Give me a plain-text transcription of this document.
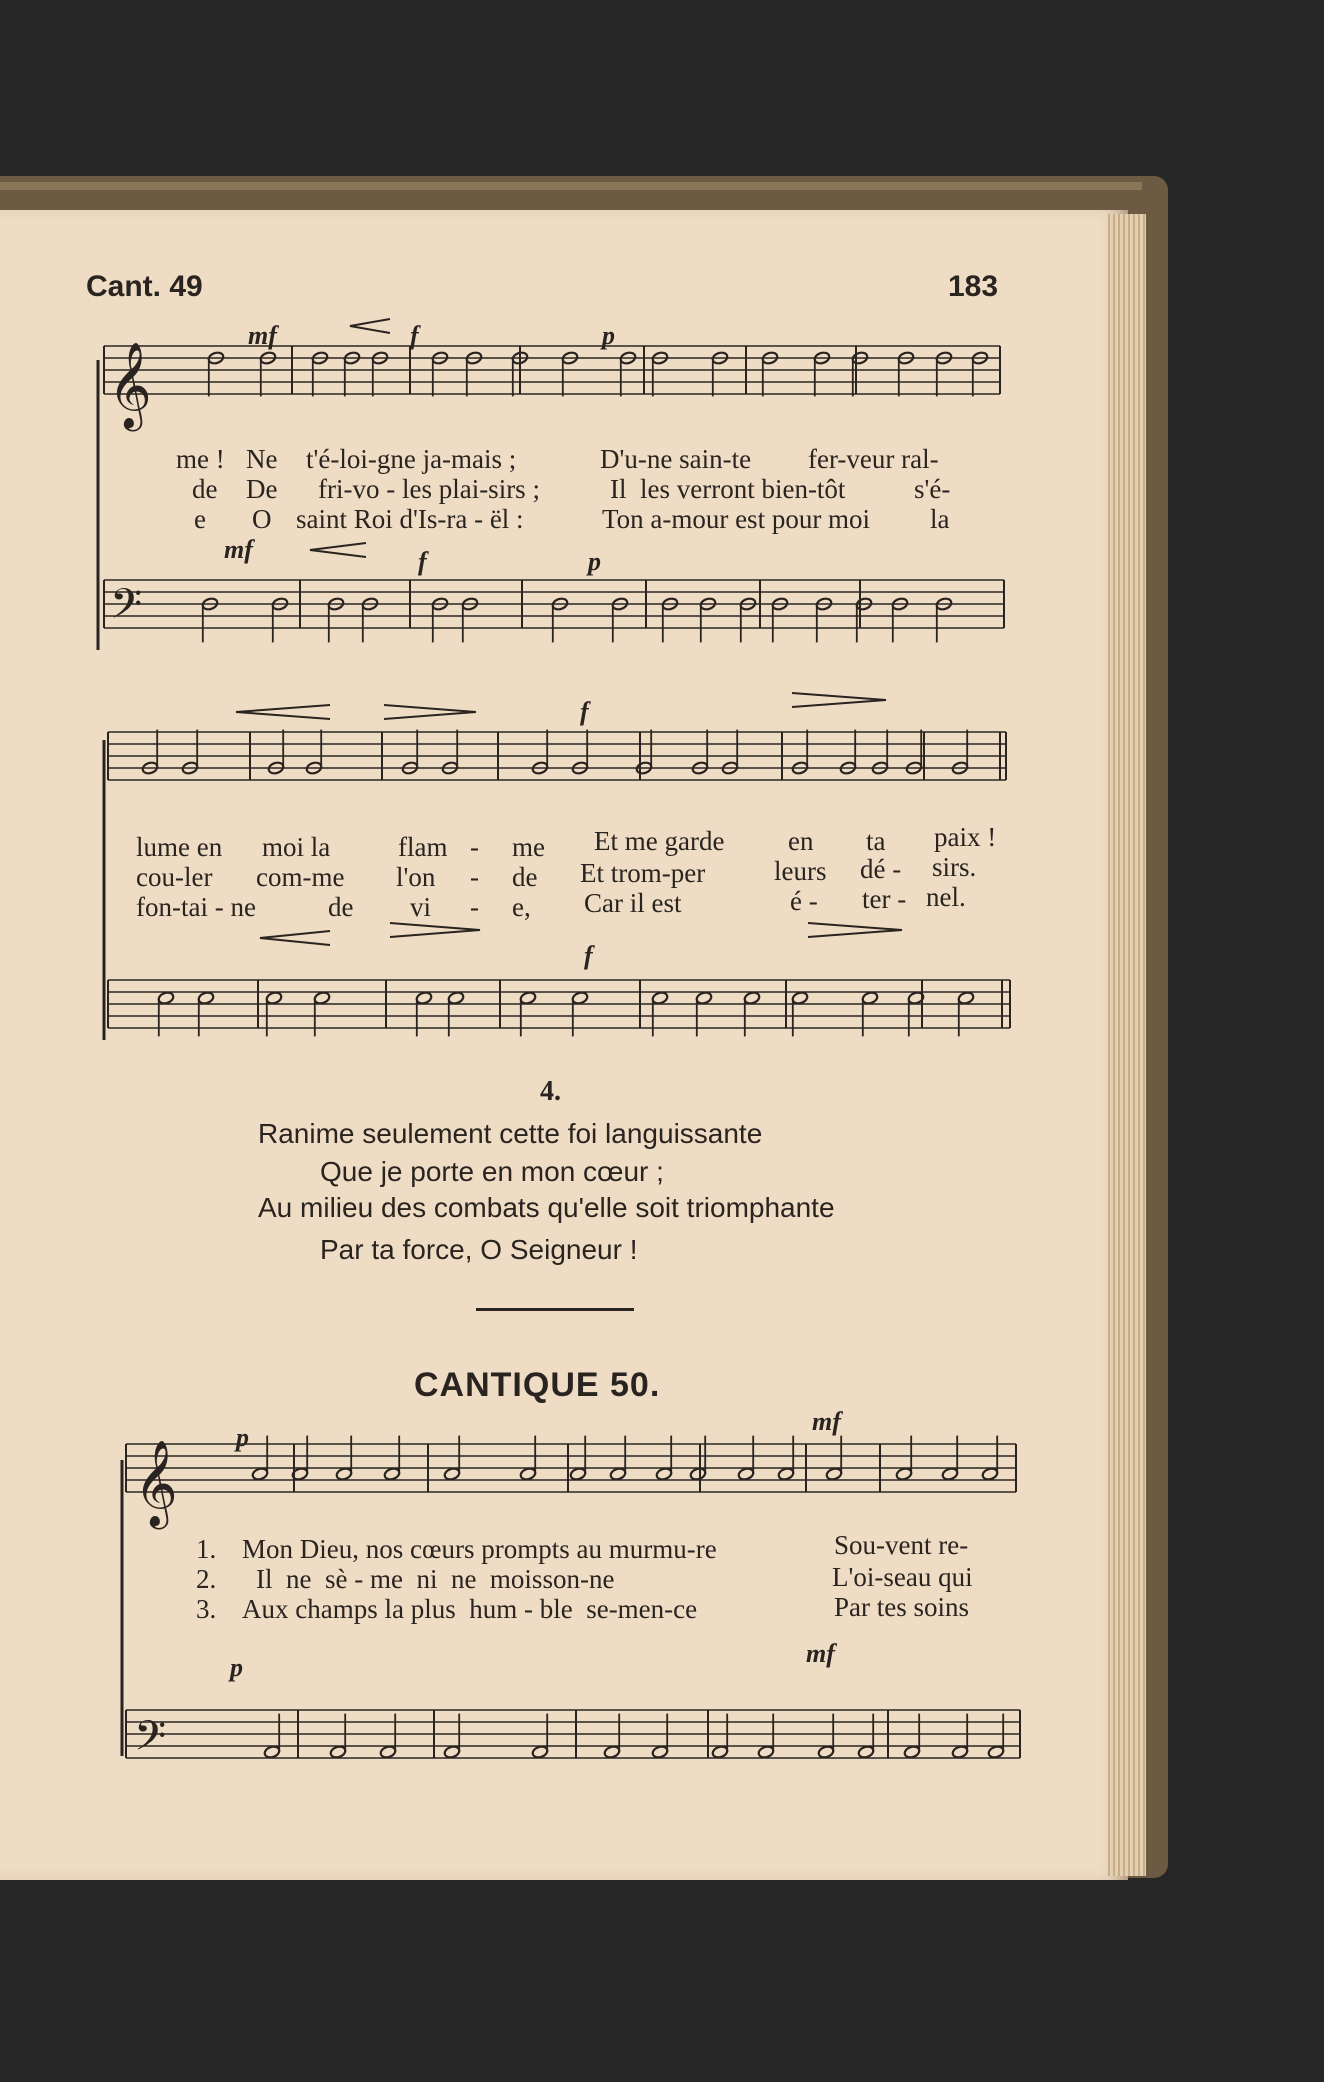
Cant. 49	183
𝄞
mf	f	p
𝄢
mf	f	p
f
f
𝄞
p
mf
𝄢
p	mf
me ! Ne t'é-loi-gne ja-mais ;	D'u-ne sain-te fer-veur ral-
de De fri-vo - les plai-sirs ;	Il  les verront bien-tôt	s'é-
e O saint Roi d'Is-ra - ël :	Ton a-mour est pour moi la
lume en moi la	flam - me Et me garde en ta paix !
cou-ler com-me l'on - de Et trom-per	leurs dé - sirs.
fon-tai - ne	de vi - e, Car il est	é - ter - nel.
4.
Ranime seulement cette foi languissante
Que je porte en mon cœur ;
Au milieu des combats qu'elle soit triomphante
Par ta force, O Seigneur !
CANTIQUE 50.
1. Mon Dieu, nos cœurs prompts au murmu-re	Sou-vent re-
2. Il  ne  sè - me  ni  ne  moisson-ne	L'oi-seau qui
3. Aux champs la plus  hum - ble  se-men-ce	Par tes soins
